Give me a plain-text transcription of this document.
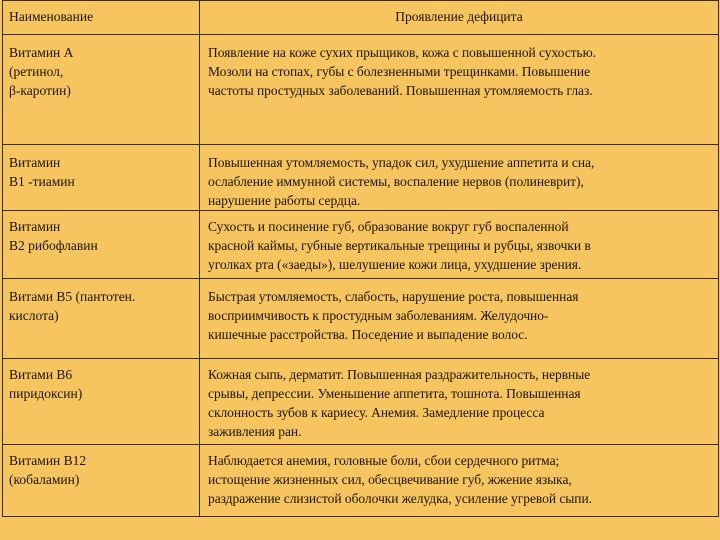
Наименование	Проявление дефицита

Витамин А
(ретинол,
β-каротин)	Появление на коже сухих прыщиков, кожа с повышенной сухостью.
Мозоли на стопах, губы с болезненными трещинками. Повышение
частоты простудных заболеваний. Повышенная утомляемость глаз.

Витамин
В1 -тиамин	Повышенная утомляемость, упадок сил, ухудшение аппетита и сна,
ослабление иммунной системы, воспаление нервов (полиневрит),
нарушение работы сердца.

Витамин
В2 рибофлавин	Сухость и посинение губ, образование вокруг губ воспаленной
красной каймы, губные вертикальные трещины и рубцы, язвочки в
уголках рта («заеды»), шелушение кожи лица, ухудшение зрения.

Витами В5 (пантотен.
кислота)	Быстрая утомляемость, слабость, нарушение роста, повышенная
восприимчивость к простудным заболеваниям. Желудочно-
кишечные расстройства. Поседение и выпадение волос.

Витами В6
пиридоксин)	Кожная сыпь, дерматит. Повышенная раздражительность, нервные
срывы, депрессии. Уменьшение аппетита, тошнота. Повышенная
склонность зубов к кариесу. Анемия. Замедление процесса
заживления ран.

Витамин В12
(кобаламин)	Наблюдается анемия, головные боли, сбои сердечного ритма;
истощение жизненных сил, обесцвечивание губ, жжение языка,
раздражение слизистой оболочки желудка, усиление угревой сыпи.
